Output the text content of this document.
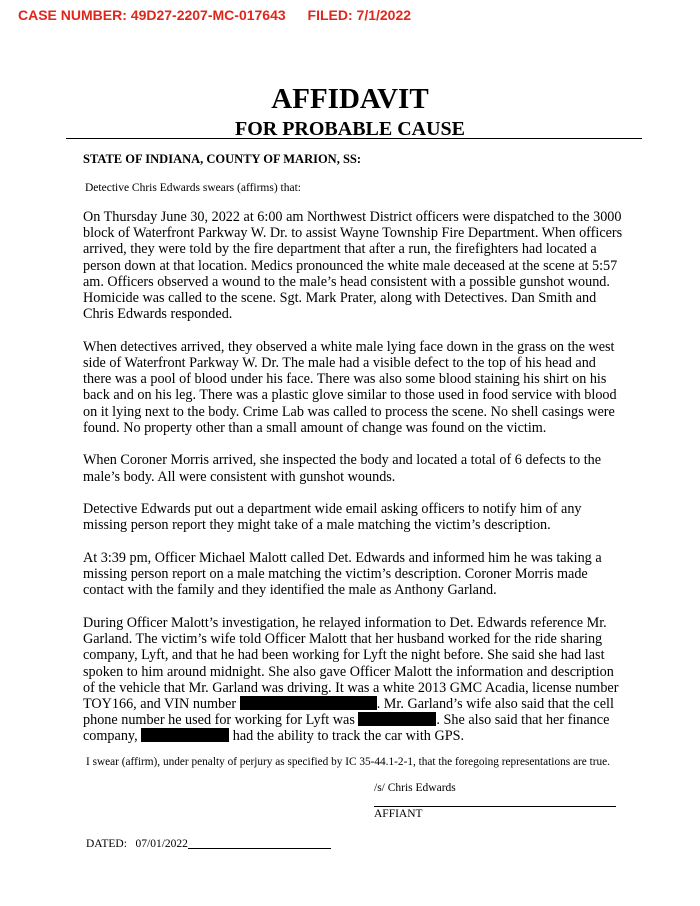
CASE NUMBER: 49D27-2207-MC-017643 FILED: 7/1/2022
AFFIDAVIT
FOR PROBABLE CAUSE
STATE OF INDIANA, COUNTY OF MARION, SS:
Detective Chris Edwards swears (affirms) that:

On Thursday June 30, 2022 at 6:00 am Northwest District officers were dispatched to the 3000 block of Waterfront Parkway W. Dr. to assist Wayne Township Fire Department. When officers arrived, they were told by the fire department that after a run, the firefighters had located a person down at that location. Medics pronounced the white male deceased at the scene at 5:57 am. Officers observed a wound to the male’s head consistent with a possible gunshot wound. Homicide was called to the scene. Sgt. Mark Prater, along with Detectives. Dan Smith and Chris Edwards responded.

When detectives arrived, they observed a white male lying face down in the grass on the west side of Waterfront Parkway W. Dr. The male had a visible defect to the top of his head and there was a pool of blood under his face. There was also some blood staining his shirt on his back and on his leg. There was a plastic glove similar to those used in food service with blood on it lying next to the body. Crime Lab was called to process the scene. No shell casings were found. No property other than a small amount of change was found on the victim.

When Coroner Morris arrived, she inspected the body and located a total of 6 defects to the male’s body. All were consistent with gunshot wounds.

Detective Edwards put out a department wide email asking officers to notify him of any missing person report they might take of a male matching the victim’s description.

At 3:39 pm, Officer Michael Malott called Det. Edwards and informed him he was taking a missing person report on a male matching the victim’s description. Coroner Morris made contact with the family and they identified the male as Anthony Garland.

During Officer Malott’s investigation, he relayed information to Det. Edwards reference Mr. Garland. The victim’s wife told Officer Malott that her husband worked for the ride sharing company, Lyft, and that he had been working for Lyft the night before. She said she had last spoken to him around midnight. She also gave Officer Malott the information and description of the vehicle that Mr. Garland was driving. It was a white 2013 GMC Acadia, license number TOY166, and VIN number	. Mr. Garland’s wife also said that the cell phone number he used for working for Lyft was	. She also said that her finance company,	had the ability to track the car with GPS.

I swear (affirm), under penalty of perjury as specified by IC 35-44.1-2-1, that the foregoing representations are true.
/s/ Chris Edwards
AFFIANT
DATED: 07/01/2022
